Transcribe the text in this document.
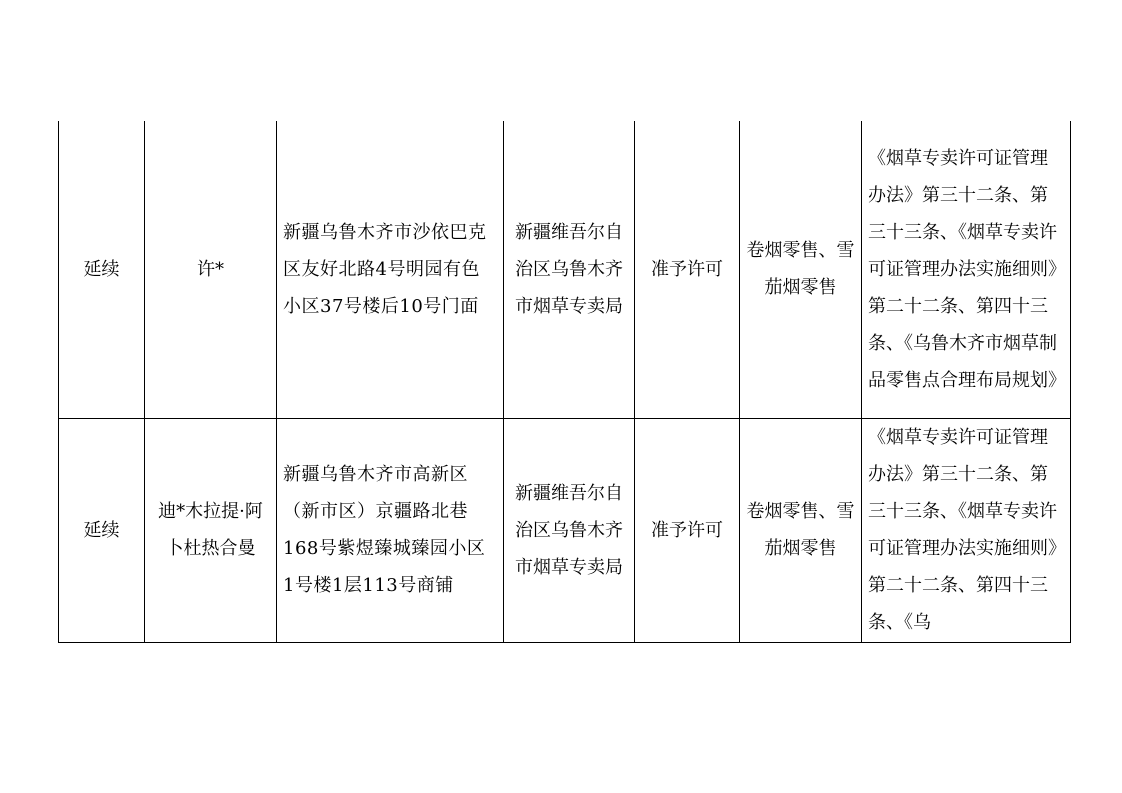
延续	许*	新疆乌鲁木齐市沙依巴克区友好北路4号明园有色小区37号楼后10号门面	新疆维吾尔自治区乌鲁木齐市烟草专卖局	准予许可	卷烟零售、雪茄烟零售	《烟草专卖许可证管理办法》第三十二条、第三十三条、《烟草专卖许可证管理办法实施细则》第二十二条、第四十三条、《乌鲁木齐市烟草制品零售点合理布局规划》

延续	迪*木拉提·阿卜杜热合曼	新疆乌鲁木齐市高新区（新市区）京疆路北巷168号紫煜臻城臻园小区1号楼1层113号商铺	新疆维吾尔自治区乌鲁木齐市烟草专卖局	准予许可	卷烟零售、雪茄烟零售	《烟草专卖许可证管理办法》第三十二条、第三十三条、《烟草专卖许可证管理办法实施细则》第二十二条、第四十三条、《乌
